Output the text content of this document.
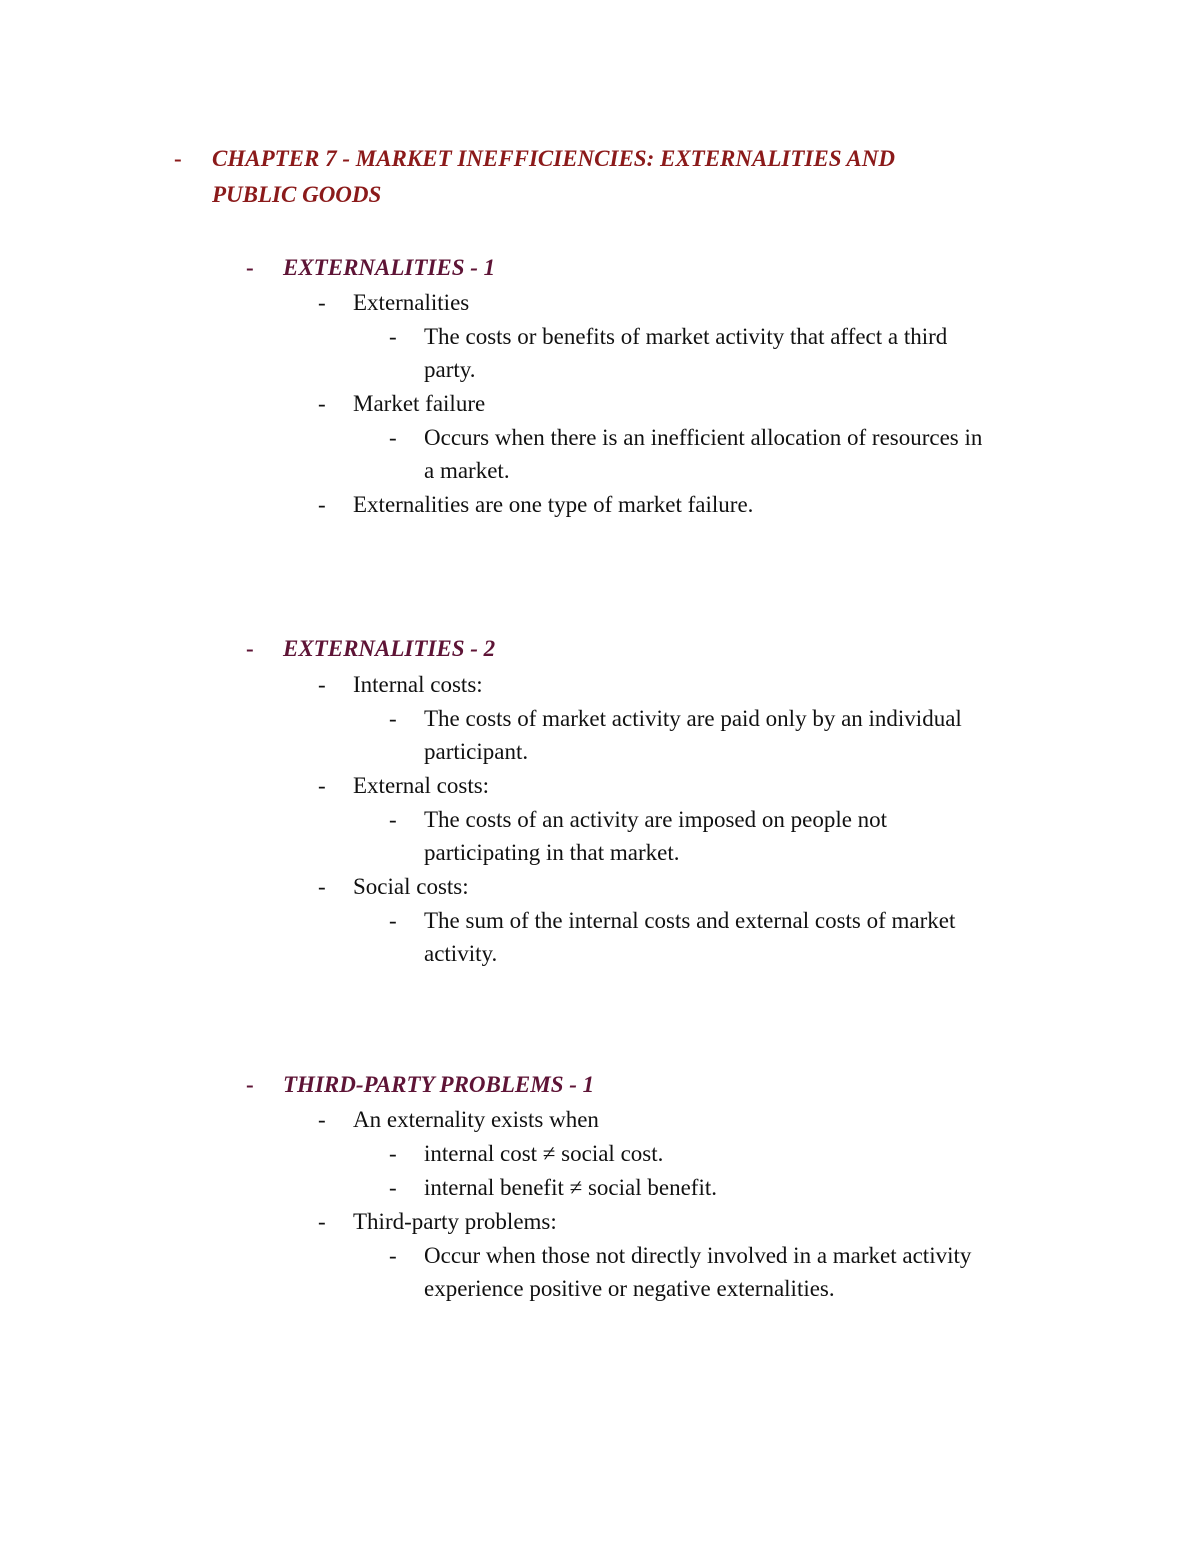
- CHAPTER 7 - MARKET INEFFICIENCIES: EXTERNALITIES AND
PUBLIC GOODS
- EXTERNALITIES - 1
- Externalities
- The costs or benefits of market activity that affect a third
party.
- Market failure
- Occurs when there is an inefficient allocation of resources in
a market.
- Externalities are one type of market failure.
- EXTERNALITIES - 2
- Internal costs:
- The costs of market activity are paid only by an individual
participant.
- External costs:
- The costs of an activity are imposed on people not
participating in that market.
- Social costs:
- The sum of the internal costs and external costs of market
activity.
- THIRD-PARTY PROBLEMS - 1
- An externality exists when
- internal cost ≠ social cost.
- internal benefit ≠ social benefit.
- Third-party problems:
- Occur when those not directly involved in a market activity
experience positive or negative externalities.
